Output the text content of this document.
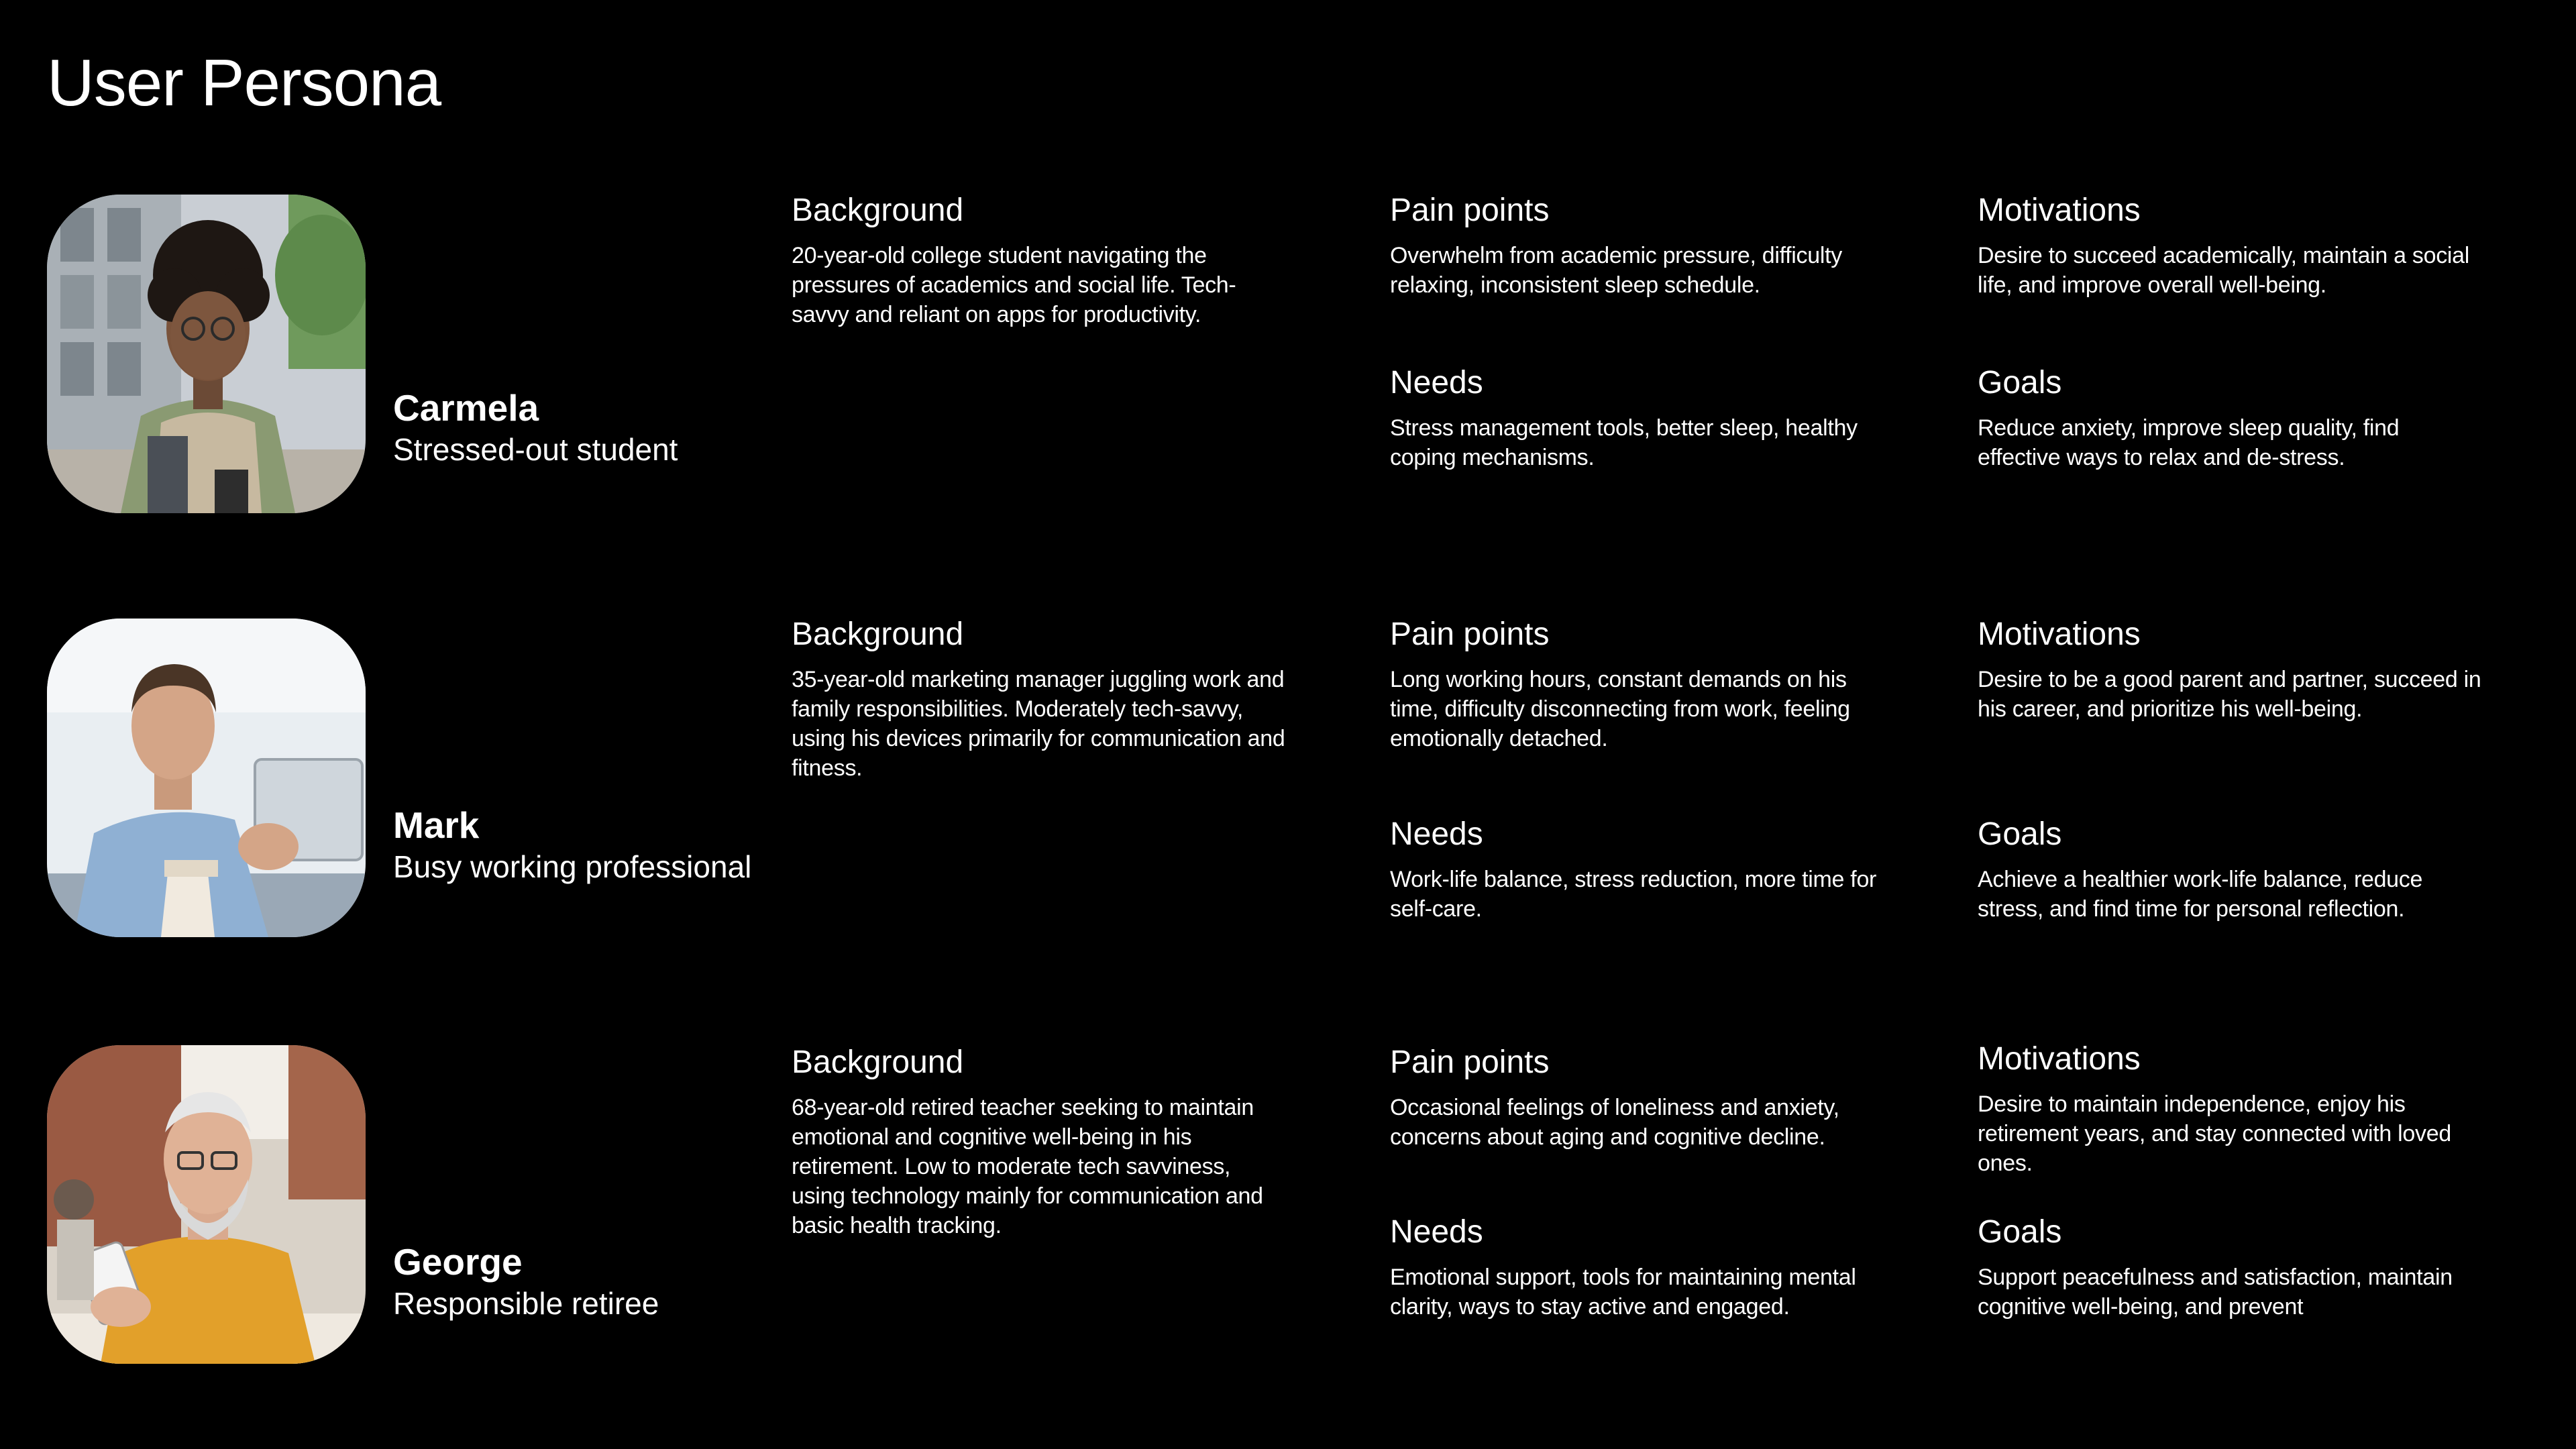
User Persona

Carmela

Stressed-out student

Background

20-year-old college student navigating the pressures of academics and social life. Tech-savvy and reliant on apps for productivity.

Pain points

Overwhelm from academic pressure, difficulty relaxing, inconsistent sleep schedule.

Motivations

Desire to succeed academically, maintain a social life, and improve overall well-being.

Needs

Stress management tools, better sleep, healthy coping mechanisms.

Goals

Reduce anxiety, improve sleep quality, find effective ways to relax and de-stress.

Mark

Busy working professional

Background

35-year-old marketing manager juggling work and family responsibilities. Moderately tech-savvy, using his devices primarily for communication and fitness.

Pain points

Long working hours, constant demands on his time, difficulty disconnecting from work, feeling emotionally detached.

Motivations

Desire to be a good parent and partner, succeed in his career, and prioritize his well-being.

Needs

Work-life balance, stress reduction, more time for self-care.

Goals

Achieve a healthier work-life balance, reduce stress, and find time for personal reflection.

George

Responsible retiree

Background

68-year-old retired teacher seeking to maintain emotional and cognitive well-being in his retirement. Low to moderate tech savviness, using technology mainly for communication and basic health tracking.

Pain points

Occasional feelings of loneliness and anxiety, concerns about aging and cognitive decline.

Motivations

Desire to maintain independence, enjoy his retirement years, and stay connected with loved ones.

Needs

Emotional support, tools for maintaining mental clarity, ways to stay active and engaged.

Goals

Support peacefulness and satisfaction, maintain cognitive well-being, and prevent
